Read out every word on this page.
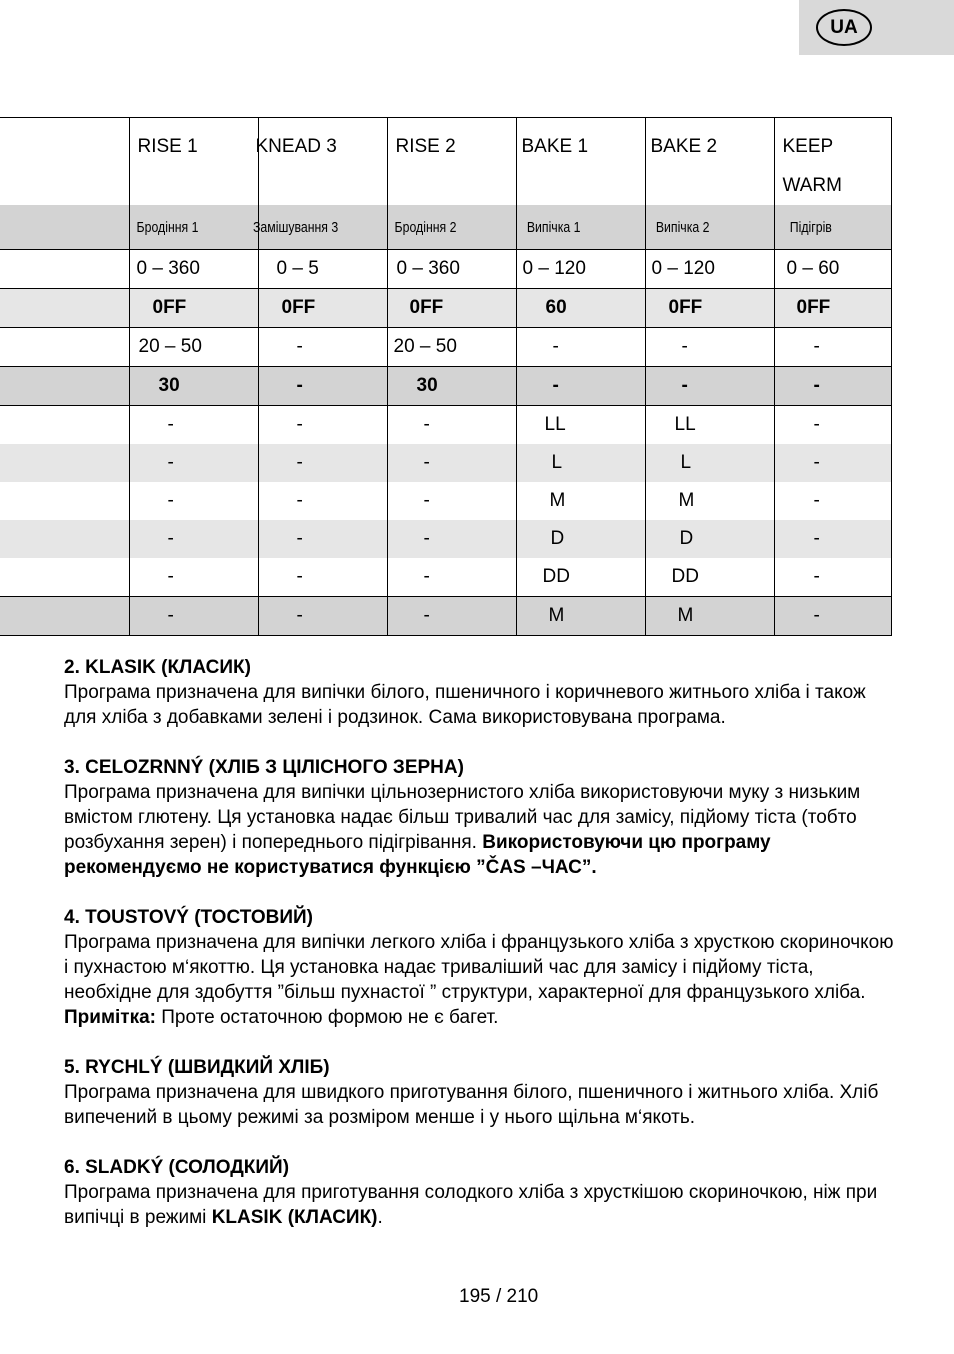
UA

	RISE 1	KNEAD 3	RISE 2	BAKE 1	BAKE 2	KEEP WARM

	Бродіння 1	Замішування 3	Бродіння 2	Випічка 1	Випічка 2	Підігрів
	0 – 360	0 – 5	0 – 360	0 – 120	0 – 120	0 – 60
	0FF	0FF	0FF	60	0FF	0FF
	20 – 50	-	20 – 50	-	-	-
	30	-	30	-	-	-
	-	-	-	LL	LL	-
	-	-	-	L	L	-
	-	-	-	M	M	-
	-	-	-	D	D	-
	-	-	-	DD	DD	-
	-	-	-	M	M	-
2. KLASIK (КЛАСИК)

Програма призначена для випічки білого, пшеничного і коричневого житнього хліба і також для хліба з добавками зелені і родзинок. Сама використовувана програма.

3. CELOZRNNÝ (ХЛІБ З ЦІЛІСНОГО ЗЕРНА)

Програма призначена для випічки цільнозернистого хліба використовуючи муку з низьким вмістом глютену. Ця установка надає більш тривалий час для замісу, підйому тіста (тобто розбухання зерен) і попереднього підігрівання. Використовуючи цю програму рекомендуємо не користуватися функцією ”ČAS –ЧАС”.

4. TOUSTOVÝ (ТОСТОВИЙ)

Програма призначена для випічки легкого хліба і французького хліба з хрусткою скориночкою і пухнастою м‘якоттю. Ця установка надає триваліший час для замісу і підйому тіста, необхідне для здобуття ”більш пухнастої ” структури, характерної для французького хліба.

Примітка: Проте остаточною формою не є багет.

5. RYCHLÝ (ШВИДКИЙ ХЛІБ)

Програма призначена для швидкого приготування білого, пшеничного і житнього хліба. Хліб випечений в цьому режимі за розміром менше і у нього щільна м‘якоть.

6. SLADKÝ (СОЛОДКИЙ)

Програма призначена для приготування солодкого хліба з хрусткішою скориночкою, ніж при випічці в режимі KLASIK (КЛАСИК).

195 / 210
